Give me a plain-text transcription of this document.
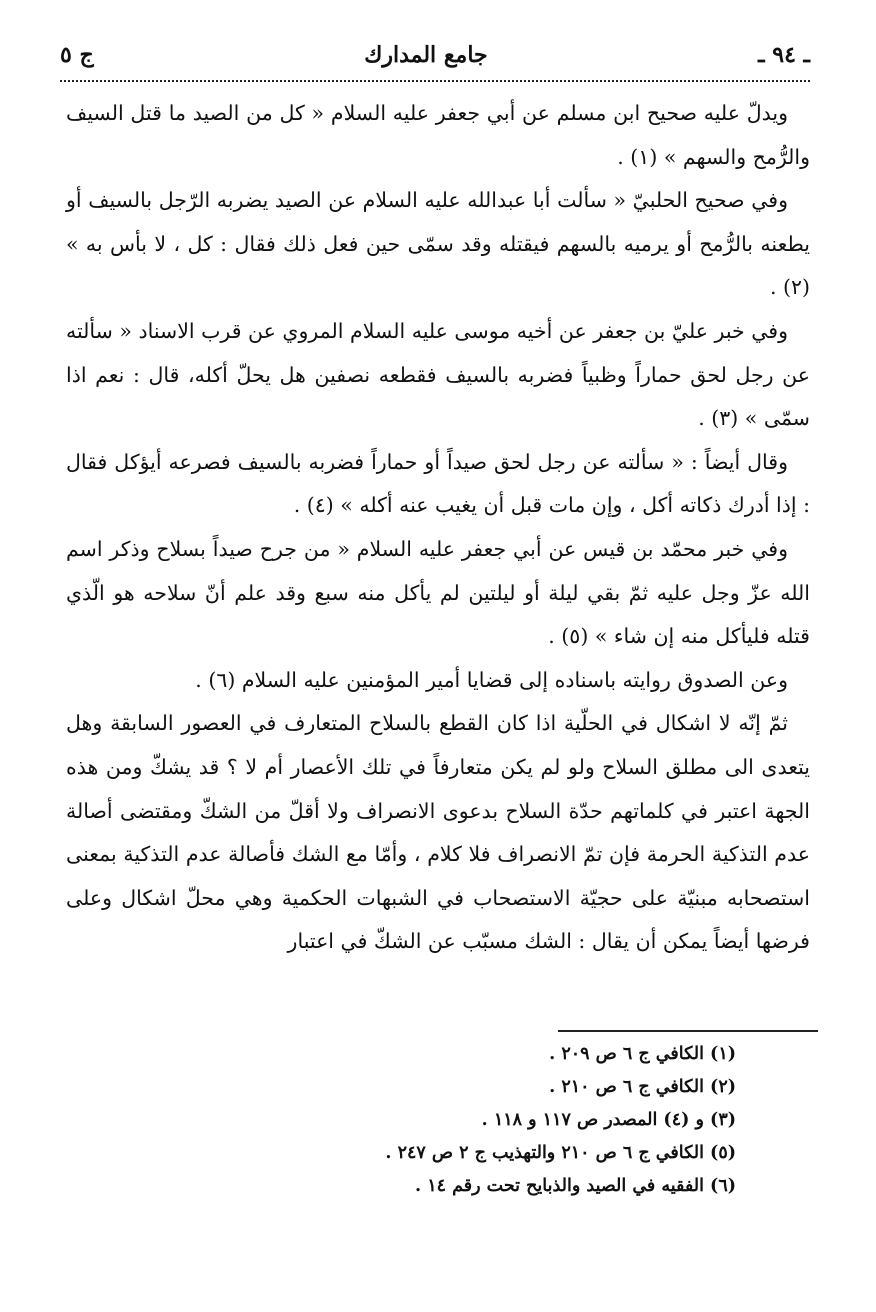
ـ ٩٤ ـ
جامع المدارك
ج ٥

ويدلّ عليه صحيح ابن مسلم عن أبي جعفر عليه السلام « كل من الصيد ما قتل السيف والرُّمح والسهم » (١) .

وفي صحيح الحلبيّ « سألت أبا عبدالله عليه السلام عن الصيد يضربه الرّجل بالسيف أو يطعنه بالرُّمح أو يرميه بالسهم فيقتله وقد سمّى حين فعل ذلك فقال : كل ، لا بأس به » (٢) .

وفي خبر عليّ بن جعفر عن أخيه موسى عليه السلام المروي عن قرب الاسناد « سألته عن رجل لحق حماراً وظبياً فضربه بالسيف فقطعه نصفين هل يحلّ أكله، قال : نعم اذا سمّى » (٣) .

وقال أيضاً : « سألته عن رجل لحق صيداً أو حماراً فضربه بالسيف فصرعه أيؤكل فقال : إذا أدرك ذكاته أكل ، وإن مات قبل أن يغيب عنه أكله » (٤) .

وفي خبر محمّد بن قيس عن أبي جعفر عليه السلام « من جرح صيداً بسلاح وذكر اسم الله عزّ وجل عليه ثمّ بقي ليلة أو ليلتين لم يأكل منه سبع وقد علم أنّ سلاحه هو الّذي قتله فليأكل منه إن شاء » (٥) .

وعن الصدوق روايته باسناده إلى قضايا أمير المؤمنين عليه السلام (٦) .

ثمّ إنّه لا اشكال في الحلّية اذا كان القطع بالسلاح المتعارف في العصور السابقة وهل يتعدى الى مطلق السلاح ولو لم يكن متعارفاً في تلك الأعصار أم لا ؟ قد يشكّ ومن هذه الجهة اعتبر في كلماتهم حدّة السلاح بدعوى الانصراف ولا أقلّ من الشكّ ومقتضى أصالة عدم التذكية الحرمة فإن تمّ الانصراف فلا كلام ، وأمّا مع الشك فأصالة عدم التذكية بمعنى استصحابه مبنيّة على حجيّة الاستصحاب في الشبهات الحكمية وهي محلّ اشكال وعلى فرضها أيضاً يمكن أن يقال : الشك مسبّب عن الشكّ في اعتبار

(١) الكافي ج ٦ ص ٢٠٩ .
(٢) الكافي ج ٦ ص ٢١٠ .
(٣) و (٤) المصدر ص ١١٧ و ١١٨ .
(٥) الكافي ج ٦ ص ٢١٠ والتهذيب ج ٢ ص ٢٤٧ .
(٦) الفقيه في الصيد والذبايح تحت رقم ١٤ .
